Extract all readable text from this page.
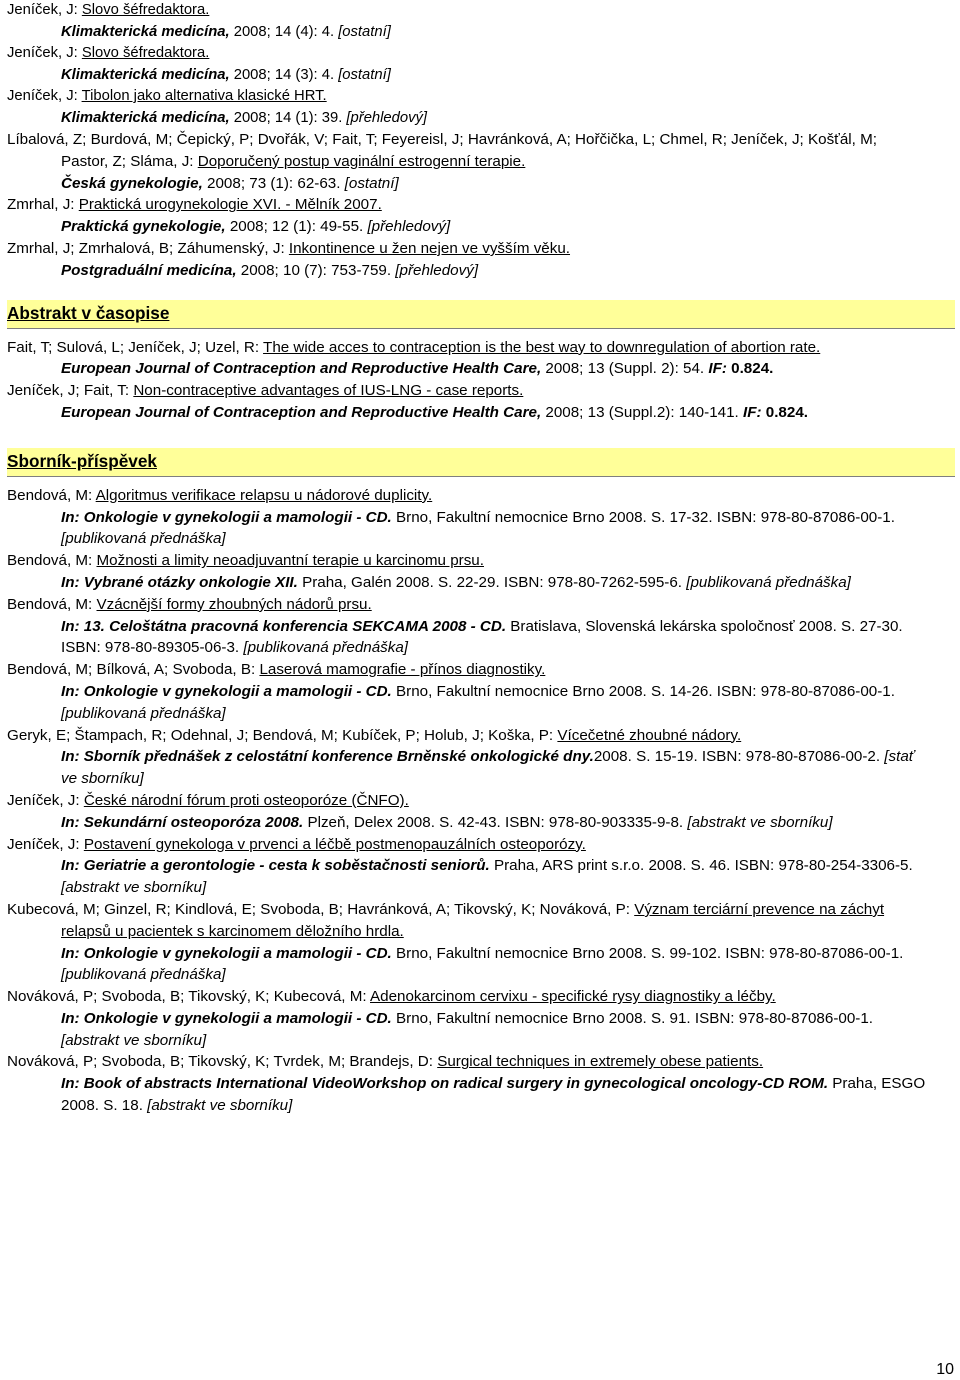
Jeníček, J: Slovo šéfredaktora.
Klimakterická medicína, 2008; 14 (4): 4. [ostatní]
Jeníček, J: Slovo šéfredaktora.
Klimakterická medicína, 2008; 14 (3): 4. [ostatní]
Jeníček, J: Tibolon jako alternativa klasické HRT.
Klimakterická medicína, 2008; 14 (1): 39. [přehledový]
Líbalová, Z; Burdová, M; Čepický, P; Dvořák, V; Fait, T; Feyereisl, J; Havránková, A; Hořčička, L; Chmel, R; Jeníček, J; Košťál, M;
Pastor, Z; Sláma, J: Doporučený postup vaginální estrogenní terapie.
Česká gynekologie, 2008; 73 (1): 62-63. [ostatní]
Zmrhal, J: Praktická urogynekologie XVI. - Mělník 2007.
Praktická gynekologie, 2008; 12 (1): 49-55. [přehledový]
Zmrhal, J; Zmrhalová, B; Záhumenský, J: Inkontinence u žen nejen ve vyšším věku.
Postgraduální medicína, 2008; 10 (7): 753-759. [přehledový]
Abstrakt v časopise
Fait, T; Sulová, L; Jeníček, J; Uzel, R: The wide acces to contraception is the best way to downregulation of abortion rate.
European Journal of Contraception and Reproductive Health Care, 2008; 13 (Suppl. 2): 54. IF: 0.824.
Jeníček, J; Fait, T: Non-contraceptive advantages of IUS-LNG - case reports.
European Journal of Contraception and Reproductive Health Care, 2008; 13 (Suppl.2): 140-141. IF: 0.824.
Sborník-příspěvek
Bendová, M: Algoritmus verifikace relapsu u nádorové duplicity.
In: Onkologie v gynekologii a mamologii - CD. Brno, Fakultní nemocnice Brno 2008. S. 17-32. ISBN: 978-80-87086-00-1.
[publikovaná přednáška]
Bendová, M: Možnosti a limity neoadjuvantní terapie u karcinomu prsu.
In: Vybrané otázky onkologie XII. Praha, Galén 2008. S. 22-29. ISBN: 978-80-7262-595-6. [publikovaná přednáška]
Bendová, M: Vzácnější formy zhoubných nádorů prsu.
In: 13. Celoštátna pracovná konferencia SEKCAMA 2008 - CD. Bratislava, Slovenská lekárska spoločnosť 2008. S. 27-30.
ISBN: 978-80-89305-06-3. [publikovaná přednáška]
Bendová, M; Bílková, A; Svoboda, B: Laserová mamografie - přínos diagnostiky.
In: Onkologie v gynekologii a mamologii - CD. Brno, Fakultní nemocnice Brno 2008. S. 14-26. ISBN: 978-80-87086-00-1.
[publikovaná přednáška]
Geryk, E; Štampach, R; Odehnal, J; Bendová, M; Kubíček, P; Holub, J; Koška, P: Vícečetné zhoubné nádory.
In: Sborník přednášek z celostátní konference Brněnské onkologické dny.2008. S. 15-19. ISBN: 978-80-87086-00-2. [stať
ve sborníku]
Jeníček, J: České národní fórum proti osteoporóze (ČNFO).
In: Sekundární osteoporóza 2008. Plzeň, Delex 2008. S. 42-43. ISBN: 978-80-903335-9-8. [abstrakt ve sborníku]
Jeníček, J: Postavení gynekologa v prvenci a léčbě postmenopauzálních osteoporózy.
In: Geriatrie a gerontologie - cesta k soběstačnosti seniorů. Praha, ARS print s.r.o. 2008. S. 46. ISBN: 978-80-254-3306-5.
[abstrakt ve sborníku]
Kubecová, M; Ginzel, R; Kindlová, E; Svoboda, B; Havránková, A; Tikovský, K; Nováková, P: Význam terciární prevence na záchyt
relapsů u pacientek s karcinomem děložního hrdla.
In: Onkologie v gynekologii a mamologii - CD. Brno, Fakultní nemocnice Brno 2008. S. 99-102. ISBN: 978-80-87086-00-1.
[publikovaná přednáška]
Nováková, P; Svoboda, B; Tikovský, K; Kubecová, M: Adenokarcinom cervixu - specifické rysy diagnostiky a léčby.
In: Onkologie v gynekologii a mamologii - CD. Brno, Fakultní nemocnice Brno 2008. S. 91. ISBN: 978-80-87086-00-1.
[abstrakt ve sborníku]
Nováková, P; Svoboda, B; Tikovský, K; Tvrdek, M; Brandejs, D: Surgical techniques in extremely obese patients.
In: Book of abstracts International VideoWorkshop on radical surgery in gynecological oncology-CD ROM. Praha, ESGO
2008. S. 18. [abstrakt ve sborníku]
10
